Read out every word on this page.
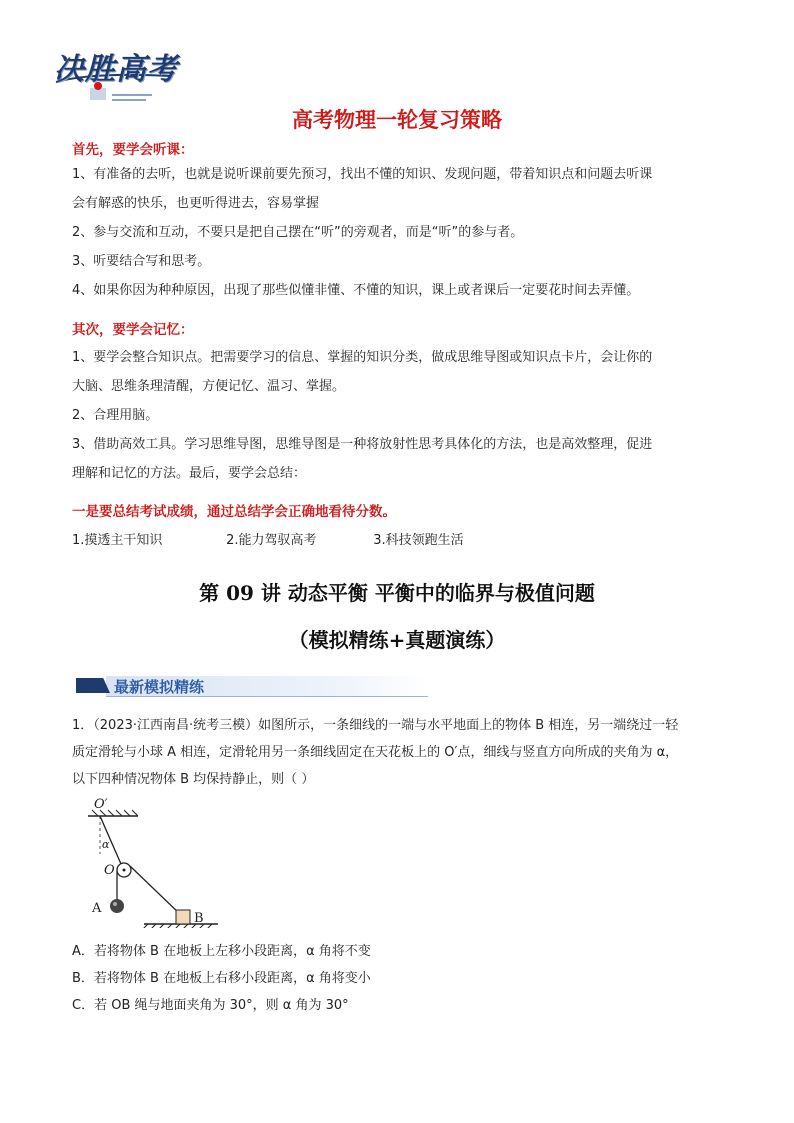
决胜高考
高考物理一轮复习策略
首先，要学会听课：

1、有准备的去听，也就是说听课前要先预习，找出不懂的知识、发现问题，带着知识点和问题去听课

会有解惑的快乐，也更听得进去，容易掌握

2、参与交流和互动，不要只是把自己摆在“听”的旁观者，而是“听”的参与者。

3、听要结合写和思考。

4、如果你因为种种原因，出现了那些似懂非懂、不懂的知识，课上或者课后一定要花时间去弄懂。

其次，要学会记忆：

1、要学会整合知识点。把需要学习的信息、掌握的知识分类，做成思维导图或知识点卡片，会让你的

大脑、思维条理清醒，方便记忆、温习、掌握。

2、合理用脑。

3、借助高效工具。学习思维导图，思维导图是一种将放射性思考具体化的方法，也是高效整理，促进

理解和记忆的方法。最后，要学会总结：

一是要总结考试成绩，通过总结学会正确地看待分数。
1.摸透主干知识	2.能力驾驭高考	3.科技领跑生活
第 09 讲 动态平衡 平衡中的临界与极值问题
（模拟精练+真题演练）
最新模拟精练

1．（2023·江西南昌·统考三模）如图所示，一条细线的一端与水平地面上的物体 B 相连，另一端绕过一轻

质定滑轮与小球 A 相连，定滑轮用另一条细线固定在天花板上的 O′点，细线与竖直方向所成的夹角为 α，

以下四种情况物体 B 均保持静止，则（ ）

O′
α
O
A
B

A．若将物体 B 在地板上左移小段距离，α 角将不变

B．若将物体 B 在地板上右移小段距离，α 角将变小

C．若 OB 绳与地面夹角为 30°，则 α 角为 30°
